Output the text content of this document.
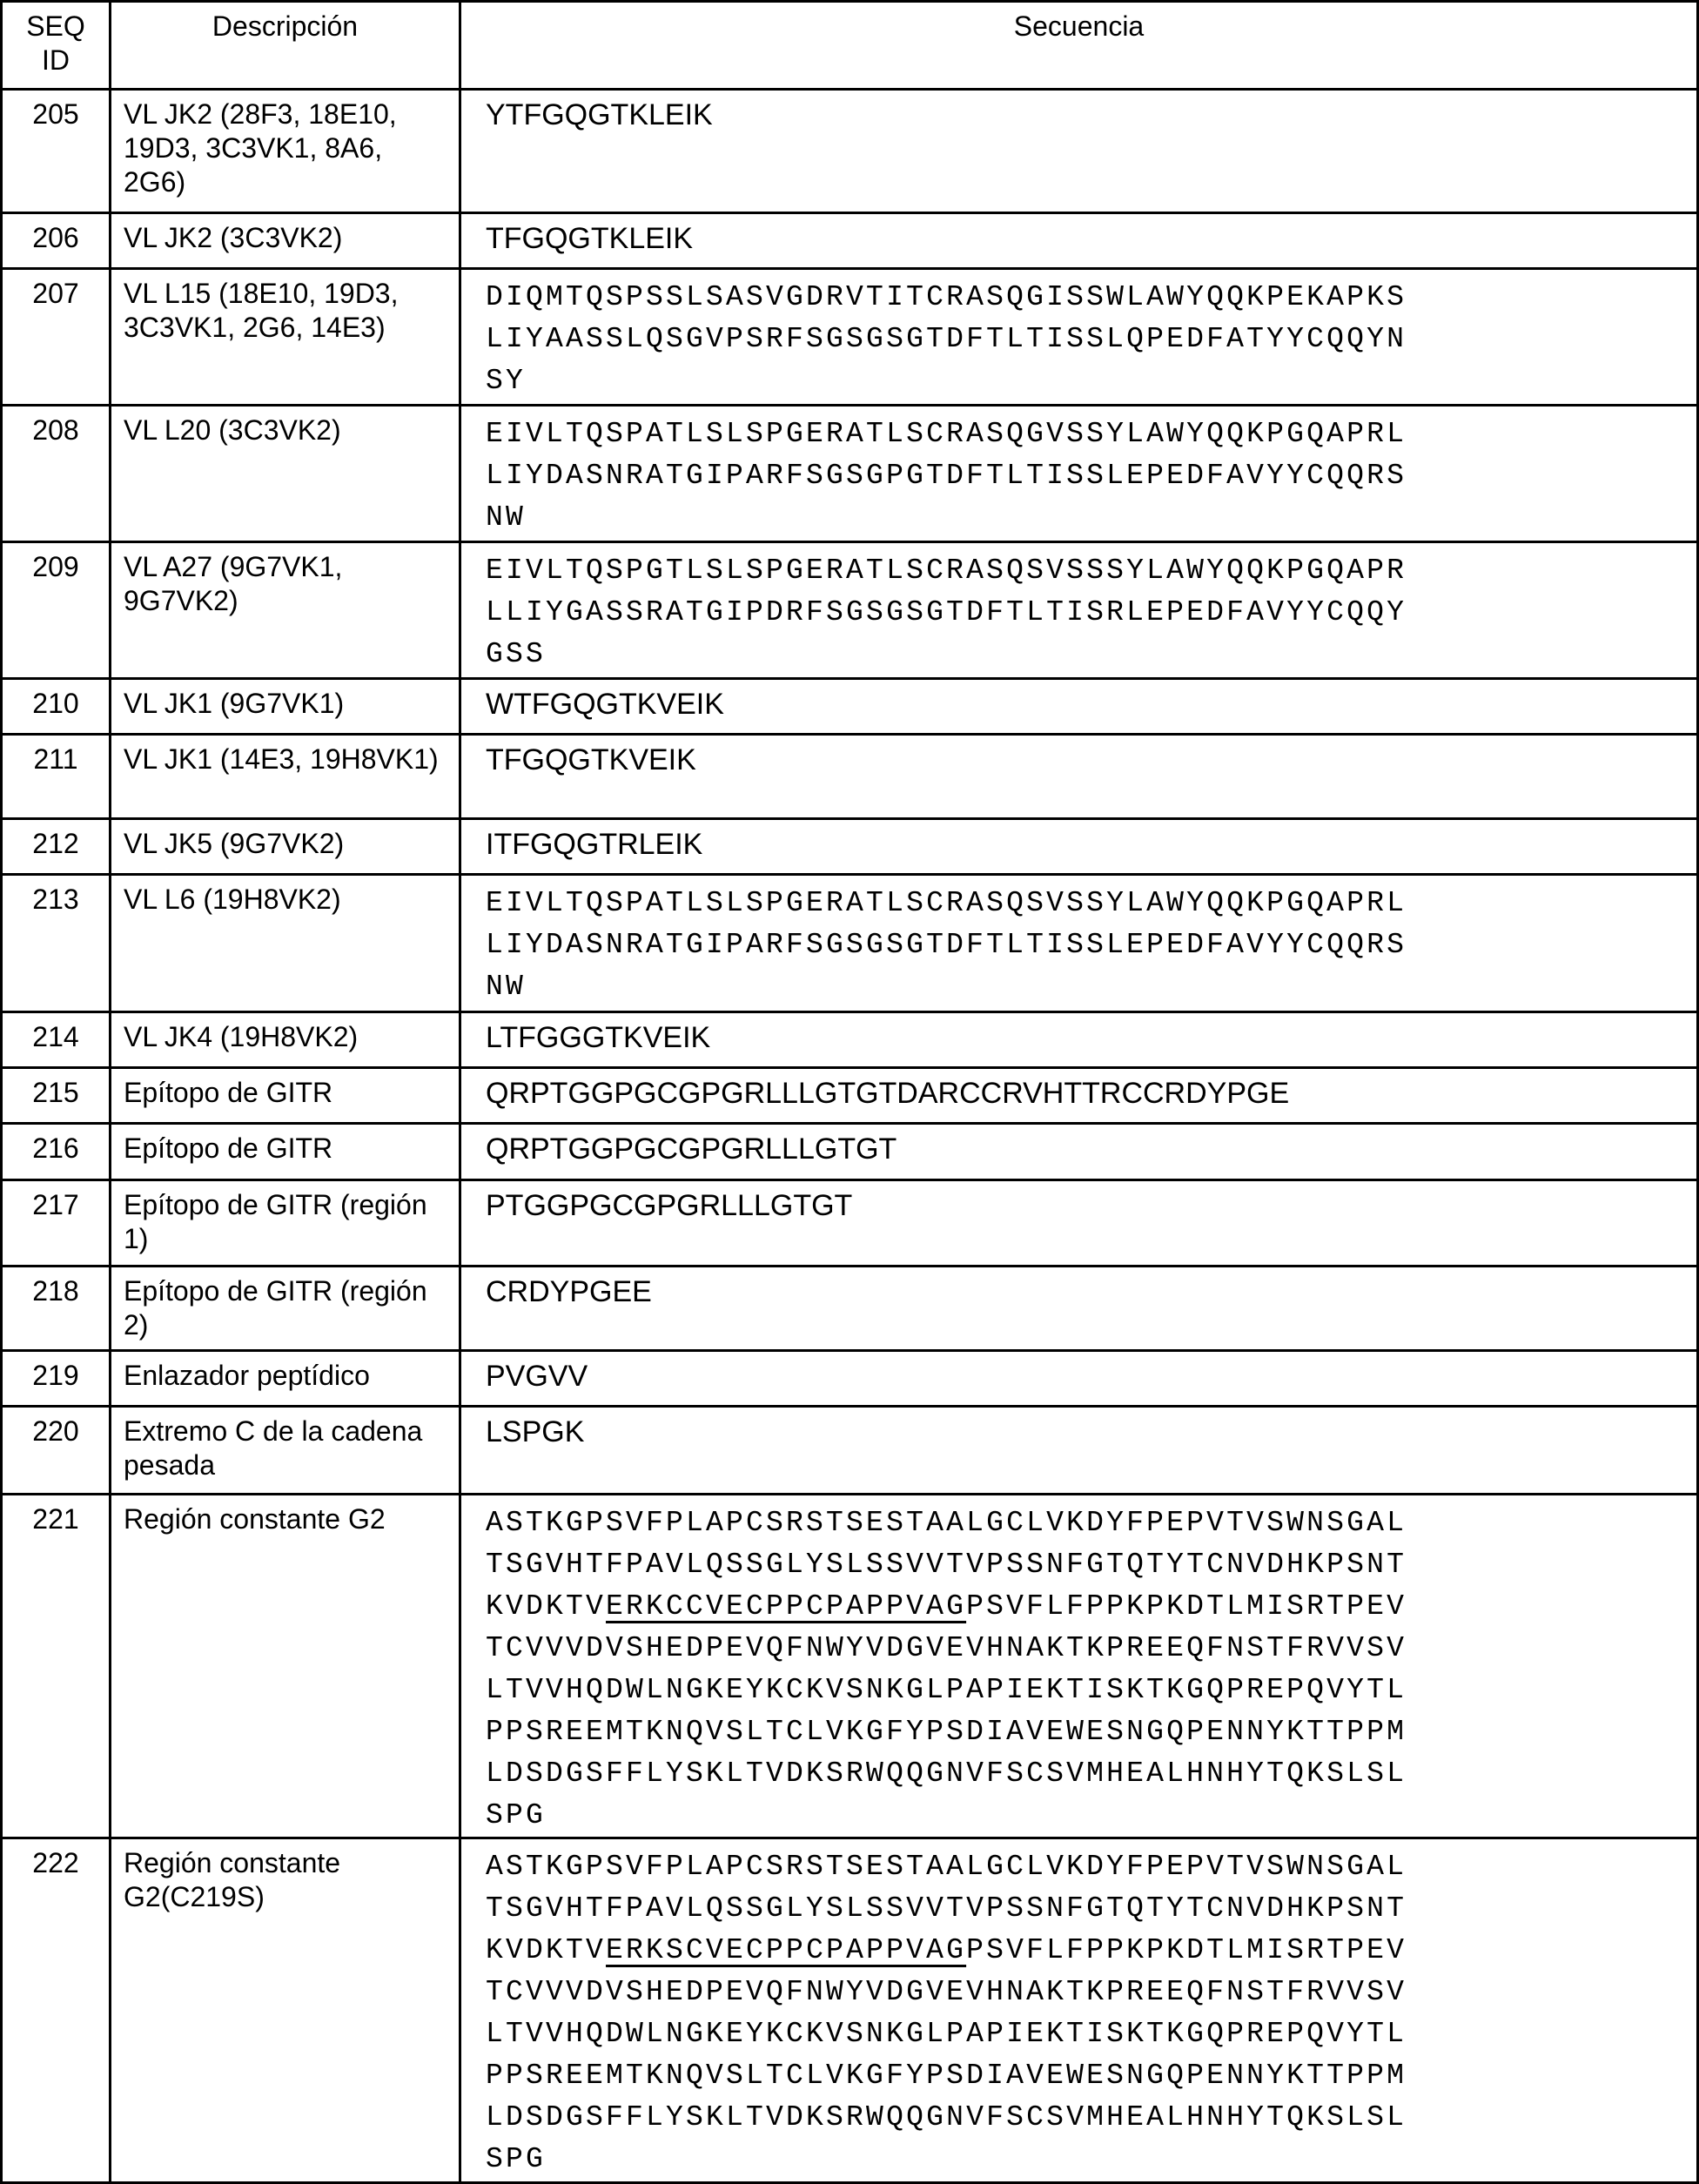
SEQ ID	Descripción	Secuencia
205	VL JK2 (28F3, 18E10, 19D3, 3C3VK1, 8A6, 2G6)	YTFGQGTKLEIK
206	VL JK2 (3C3VK2)	TFGQGTKLEIK
207	VL L15 (18E10, 19D3, 3C3VK1, 2G6, 14E3)	
DIQMTQSPSSLSASVGDRVTITCRASQGISSWLAWYQQKPEKAPKS
LIYAASSLQSGVPSRFSGSGSGTDFTLTISSLQPEDFATYYCQQYN
SY

208	VL L20 (3C3VK2)	EIVLTQSPATLSLSPGERATLSCRASQGVSSYLAWYQQKPGQAPRL
LIYDASNRATGIPARFSGSGPGTDFTLTISSLEPEDFAVYYCQQRS
NW

209	VL A27 (9G7VK1, 9G7VK2)	
EIVLTQSPGTLSLSPGERATLSCRASQSVSSSYLAWYQQKPGQAPR
LLIYGASSRATGIPDRFSGSGSGTDFTLTISRLEPEDFAVYYCQQY
GSS

210	VL JK1 (9G7VK1)	WTFGQGTKVEIK
211	VL JK1 (14E3, 19H8VK1)	TFGQGTKVEIK
212	VL JK5 (9G7VK2)	ITFGQGTRLEIK
213	VL L6 (19H8VK2)	EIVLTQSPATLSLSPGERATLSCRASQSVSSYLAWYQQKPGQAPRL
LIYDASNRATGIPARFSGSGSGTDFTLTISSLEPEDFAVYYCQQRS
NW

214	VL JK4 (19H8VK2)	LTFGGGTKVEIK
215	Epítopo de GITR	QRPTGGPGCGPGRLLLGTGTDARCCRVHTTRCCRDYPGE
216	Epítopo de GITR	QRPTGGPGCGPGRLLLGTGT
217	Epítopo de GITR (región 1)	PTGGPGCGPGRLLLGTGT
218	Epítopo de GITR (región 2)	CRDYPGEE
219	Enlazador peptídico	PVGVV
220	Extremo C de la cadena pesada	LSPGK
221	Región constante G2	ASTKGPSVFPLAPCSRSTSESTAALGCLVKDYFPEPVTVSWNSGAL
TSGVHTFPAVLQSSGLYSLSSVVTVPSSNFGTQTYTCNVDHKPSNT
KVDKTVERKCCVECPPCPAPPVAGPSVFLFPPKPKDTLMISRTPEV
TCVVVDVSHEDPEVQFNWYVDGVEVHNAKTKPREEQFNSTFRVVSV
LTVVHQDWLNGKEYKCKVSNKGLPAPIEKTISKTKGQPREPQVYTL
PPSREEMTKNQVSLTCLVKGFYPSDIAVEWESNGQPENNYKTTPPM
LDSDGSFFLYSKLTVDKSRWQQGNVFSCSVMHEALHNHYTQKSLSL
SPG

222	Región constante G2(C219S)	
ASTKGPSVFPLAPCSRSTSESTAALGCLVKDYFPEPVTVSWNSGAL
TSGVHTFPAVLQSSGLYSLSSVVTVPSSNFGTQTYTCNVDHKPSNT
KVDKTVERKSCVECPPCPAPPVAGPSVFLFPPKPKDTLMISRTPEV
TCVVVDVSHEDPEVQFNWYVDGVEVHNAKTKPREEQFNSTFRVVSV
LTVVHQDWLNGKEYKCKVSNKGLPAPIEKTISKTKGQPREPQVYTL
PPSREEMTKNQVSLTCLVKGFYPSDIAVEWESNGQPENNYKTTPPM
LDSDGSFFLYSKLTVDKSRWQQGNVFSCSVMHEALHNHYTQKSLSL
SPG
